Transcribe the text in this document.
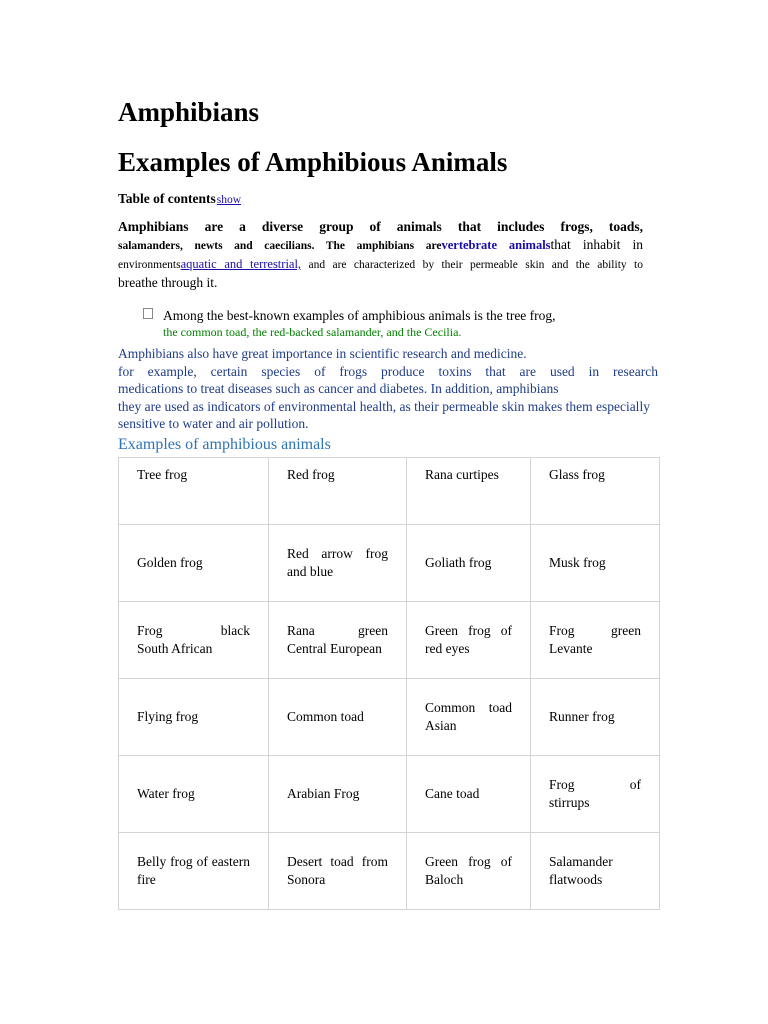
Amphibians
Examples of Amphibious Animals
Table of contentsshow
Amphibians are a diverse group of animals that includes frogs, toads,
salamanders, newts and caecilians. The amphibians arevertebrate animalsthat inhabit in
environmentsaquatic and terrestrial, and are characterized by their permeable skin and the ability to
breathe through it.
Among the best-known examples of amphibious animals is the tree frog,
the common toad, the red-backed salamander, and the Cecilia.
Amphibians also have great importance in scientific research and medicine.
for example, certain species of frogs produce toxins that are used in research
medications to treat diseases such as cancer and diabetes. In addition, amphibians
they are used as indicators of environmental health, as their permeable skin makes them especially
sensitive to water and air pollution.
Examples of amphibious animals
Tree frog	Red frog	Rana curtipes	Glass frog

Golden frog	Red arrow frog and blue	Goliath frog	Musk frog

Frog black
South African	Rana green
Central European	Green frog of
red eyes	Frog green
Levante

Flying frog	Common toad	Common toad
Asian	Runner frog

Water frog	Arabian Frog	Cane toad	Frog of
stirrups

Belly frog of eastern fire	Desert toad from Sonora	Green frog of
Baloch	Salamander flatwoods
